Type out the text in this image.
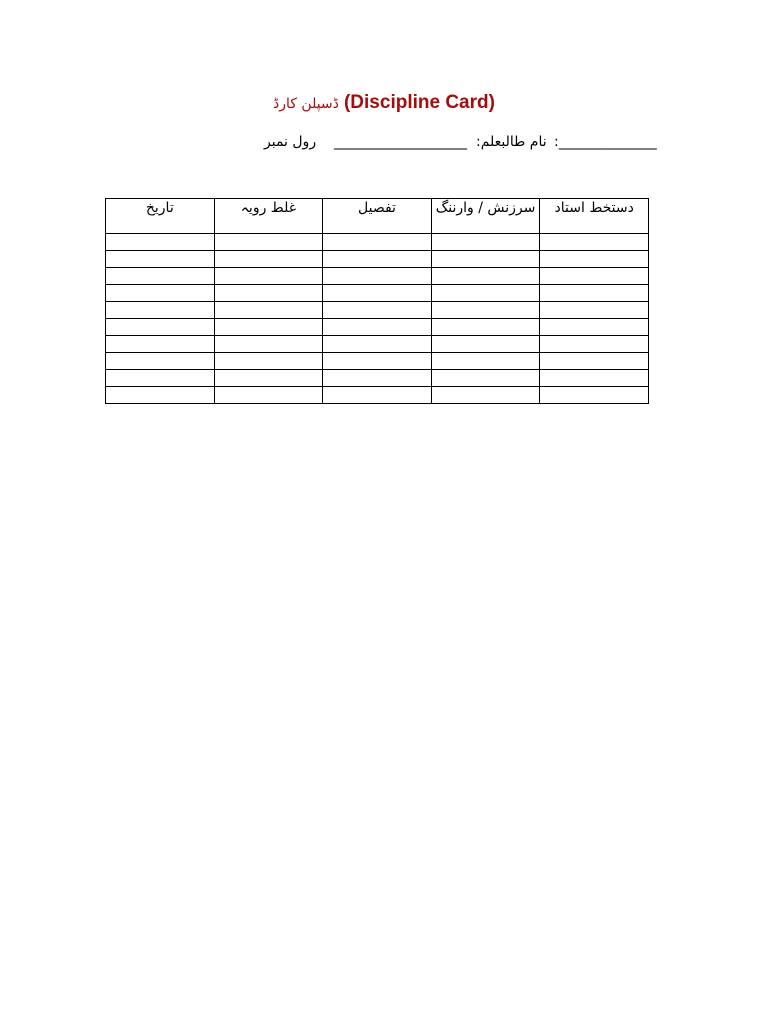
ڈسپلن کارڈ (Discipline Card)
رول نمبر ___________________ نام طالبعلم: :______________
تاریخ	غلط رویہ	تفصیل	سرزنش / وارننگ	دستخط استاد
